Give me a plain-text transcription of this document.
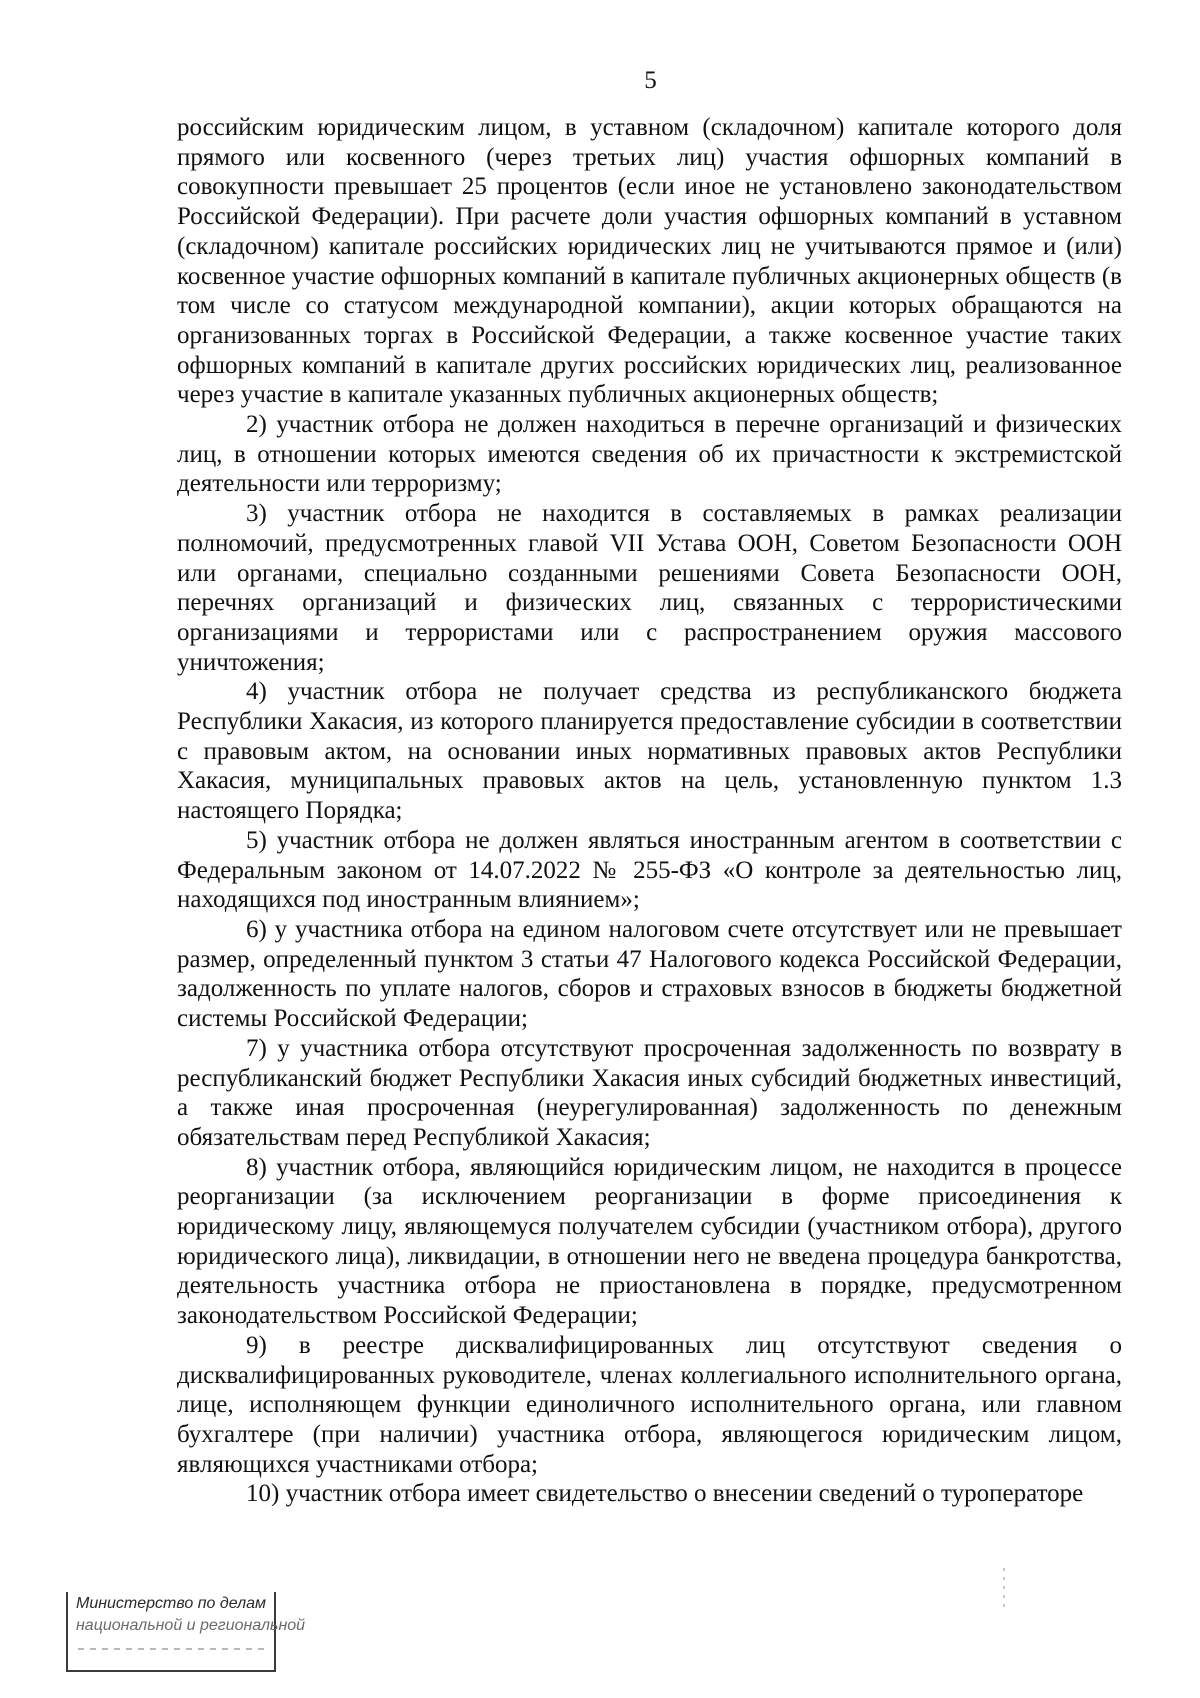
5

российским юридическим лицом, в уставном (складочном) капитале которого доля прямого или косвенного (через третьих лиц) участия офшорных компаний в совокупности превышает 25 процентов (если иное не установлено законодательством Российской Федерации). При расчете доли участия офшорных компаний в уставном (складочном) капитале российских юридических лиц не учитываются прямое и (или) косвенное участие офшорных компаний в капитале публичных акционерных обществ (в том числе со статусом международной компании), акции которых обращаются на организованных торгах в Российской Федерации, а также косвенное участие таких офшорных компаний в капитале других российских юридических лиц, реализованное через участие в капитале указанных публичных акционерных обществ;

2) участник отбора не должен находиться в перечне организаций и физических лиц, в отношении которых имеются сведения об их причастности к экстремистской деятельности или терроризму;

3) участник отбора не находится в составляемых в рамках реализации полномочий, предусмотренных главой VII Устава ООН, Советом Безопасности ООН или органами, специально созданными решениями Совета Безопасности ООН, перечнях организаций и физических лиц, связанных с террористическими организациями и террористами или с распространением оружия массового уничтожения;

4) участник отбора не получает средства из республиканского бюджета Республики Хакасия, из которого планируется предоставление субсидии в соответствии с правовым актом, на основании иных нормативных правовых актов Республики Хакасия, муниципальных правовых актов на цель, установленную пунктом 1.3 настоящего Порядка;

5) участник отбора не должен являться иностранным агентом в соответствии с Федеральным законом от 14.07.2022 № 255-ФЗ «О контроле за деятельностью лиц, находящихся под иностранным влиянием»;

6) у участника отбора на едином налоговом счете отсутствует или не превышает размер, определенный пунктом 3 статьи 47 Налогового кодекса Российской Федерации, задолженность по уплате налогов, сборов и страховых взносов в бюджеты бюджетной системы Российской Федерации;

7) у участника отбора отсутствуют просроченная задолженность по возврату в республиканский бюджет Республики Хакасия иных субсидий бюджетных инвестиций, а также иная просроченная (неурегулированная) задолженность по денежным обязательствам перед Республикой Хакасия;

8) участник отбора, являющийся юридическим лицом, не находится в процессе реорганизации (за исключением реорганизации в форме присоединения к юридическому лицу, являющемуся получателем субсидии (участником отбора), другого юридического лица), ликвидации, в отношении него не введена процедура банкротства, деятельность участника отбора не приостановлена в порядке, предусмотренном законодательством Российской Федерации;

9) в реестре дисквалифицированных лиц отсутствуют сведения о дисквалифицированных руководителе, членах коллегиального исполнительного органа, лице, исполняющем функции единоличного исполнительного органа, или главном бухгалтере (при наличии) участника отбора, являющегося юридическим лицом, являющихся участниками отбора;

10) участник отбора имеет свидетельство о внесении сведений о туроператоре

Министерство по делам
национальной и региональной
